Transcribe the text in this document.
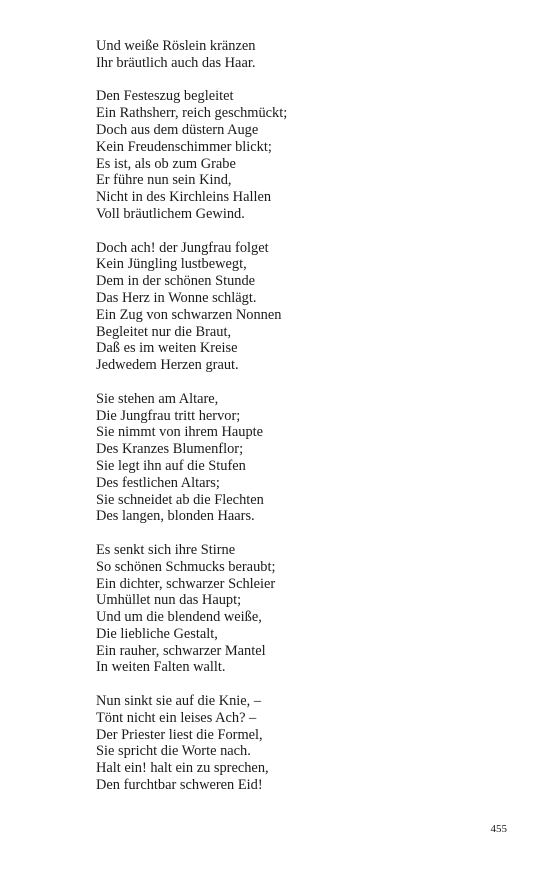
Und weiße Röslein kränzen
Ihr bräutlich auch das Haar.
Den Festeszug begleitet
Ein Rathsherr, reich geschmückt;
Doch aus dem düstern Auge
Kein Freudenschimmer blickt;
Es ist, als ob zum Grabe
Er führe nun sein Kind,
Nicht in des Kirchleins Hallen
Voll bräutlichem Gewind.
Doch ach! der Jungfrau folget
Kein Jüngling lustbewegt,
Dem in der schönen Stunde
Das Herz in Wonne schlägt.
Ein Zug von schwarzen Nonnen
Begleitet nur die Braut,
Daß es im weiten Kreise
Jedwedem Herzen graut.
Sie stehen am Altare,
Die Jungfrau tritt hervor;
Sie nimmt von ihrem Haupte
Des Kranzes Blumenflor;
Sie legt ihn auf die Stufen
Des festlichen Altars;
Sie schneidet ab die Flechten
Des langen, blonden Haars.
Es senkt sich ihre Stirne
So schönen Schmucks beraubt;
Ein dichter, schwarzer Schleier
Umhüllet nun das Haupt;
Und um die blendend weiße,
Die liebliche Gestalt,
Ein rauher, schwarzer Mantel
In weiten Falten wallt.
Nun sinkt sie auf die Knie, –
Tönt nicht ein leises Ach? –
Der Priester liest die Formel,
Sie spricht die Worte nach.
Halt ein! halt ein zu sprechen,
Den furchtbar schweren Eid!
455
